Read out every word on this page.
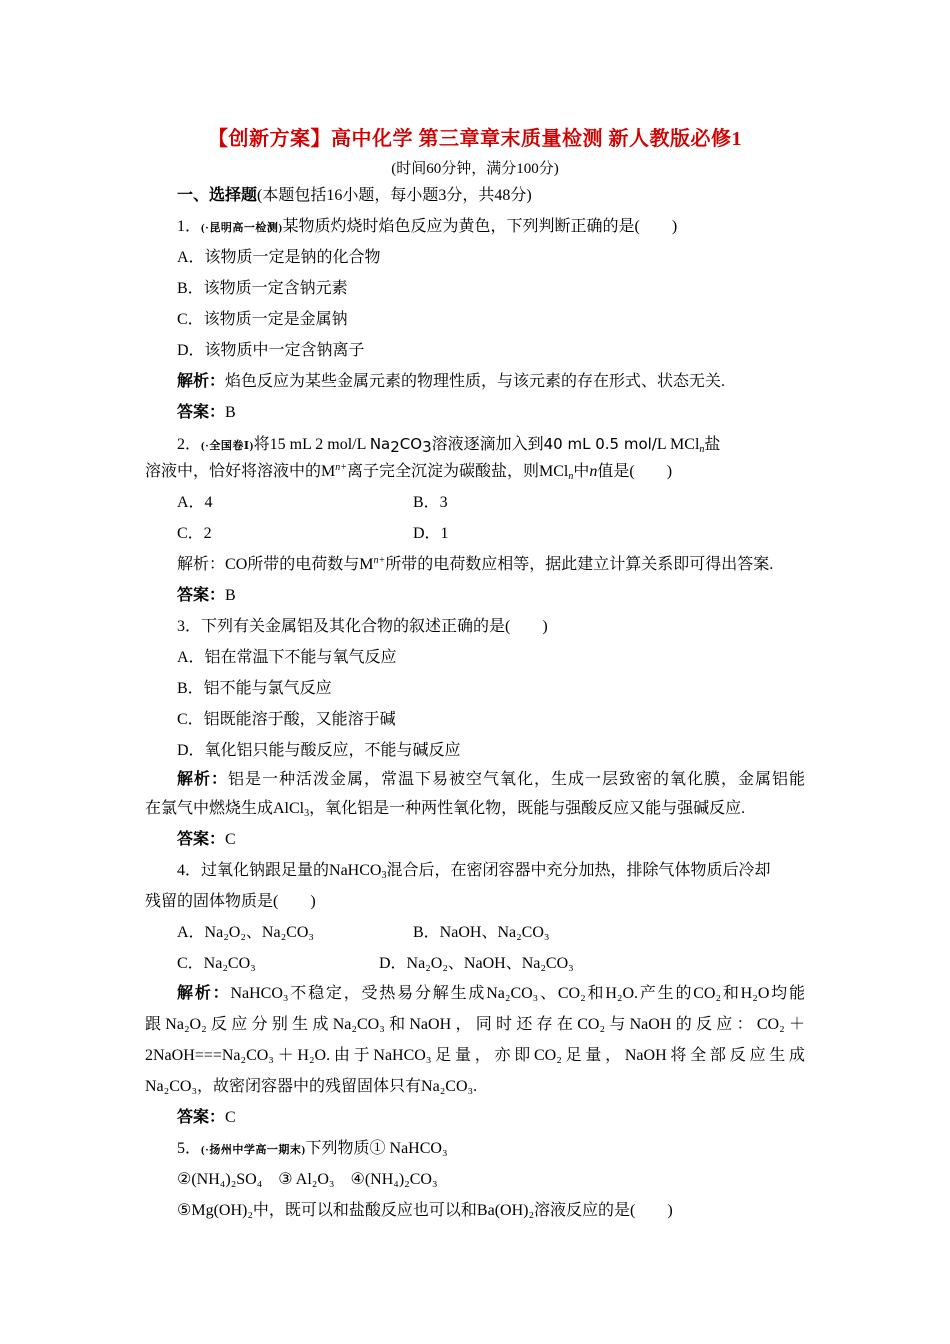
【创新方案】高中化学 第三章章末质量检测 新人教版必修1
(时间60分钟，满分100分)
一、选择题(本题包括16小题，每小题3分，共48分)
1．(·昆明高一检测)某物质灼烧时焰色反应为黄色，下列判断正确的是(　　)
A．该物质一定是钠的化合物
B．该物质一定含钠元素
C．该物质一定是金属钠
D．该物质中一定含钠离子
解析：焰色反应为某些金属元素的物理性质，与该元素的存在形式、状态无关.
答案：B
2．(·全国卷Ⅰ)将15 mL 2 mol/L $Na_2CO_3$溶液逐滴加入到40 mL 0.5 mol/L MCl$_n$盐
溶液中，恰好将溶液中的$M^{n+}$离子完全沉淀为碳酸盐，则MCl$_n$中n值是(　　)
A．4	B．3
C．2	D．1
解析：CO所带的电荷数与$M^{n+}$所带的电荷数应相等，据此建立计算关系即可得出答案.
答案：B
3．下列有关金属铝及其化合物的叙述正确的是(　　)
A．铝在常温下不能与氧气反应
B．铝不能与氯气反应
C．铝既能溶于酸，又能溶于碱
D．氧化铝只能与酸反应，不能与碱反应
解析：铝是一种活泼金属，常温下易被空气氧化，生成一层致密的氧化膜，金属铝能
在氯气中燃烧生成AlCl$_3$，氧化铝是一种两性氧化物，既能与强酸反应又能与强碱反应.
答案：C
4．过氧化钠跟足量的NaHCO$_3$混合后，在密闭容器中充分加热，排除气体物质后冷却
残留的固体物质是(　　)
A．Na₂O₂、Na₂CO₃	B．NaOH、Na₂CO₃
C．Na₂CO₃	D．Na₂O₂、NaOH、Na₂CO₃
解析：NaHCO₃不稳定，受热易分解生成Na₂CO₃、CO₂和H₂O.产生的CO₂和H₂O均能
跟Na₂O₂反应分别生成Na₂CO₃和NaOH，同时还存在CO₂与NaOH的反应：CO₂＋
2NaOH===Na₂CO₃＋H₂O.由于NaHCO₃足量，亦即CO₂足量，NaOH将全部反应生成
Na₂CO₃，故密闭容器中的残留固体只有Na₂CO₃.
答案：C
5．(·扬州中学高一期末)下列物质① NaHCO₃
②(NH₄)₂SO₄　③ Al₂O₃　④(NH₄)₂CO₃
⑤Mg(OH)₂中，既可以和盐酸反应也可以和Ba(OH)₂溶液反应的是(　　)
